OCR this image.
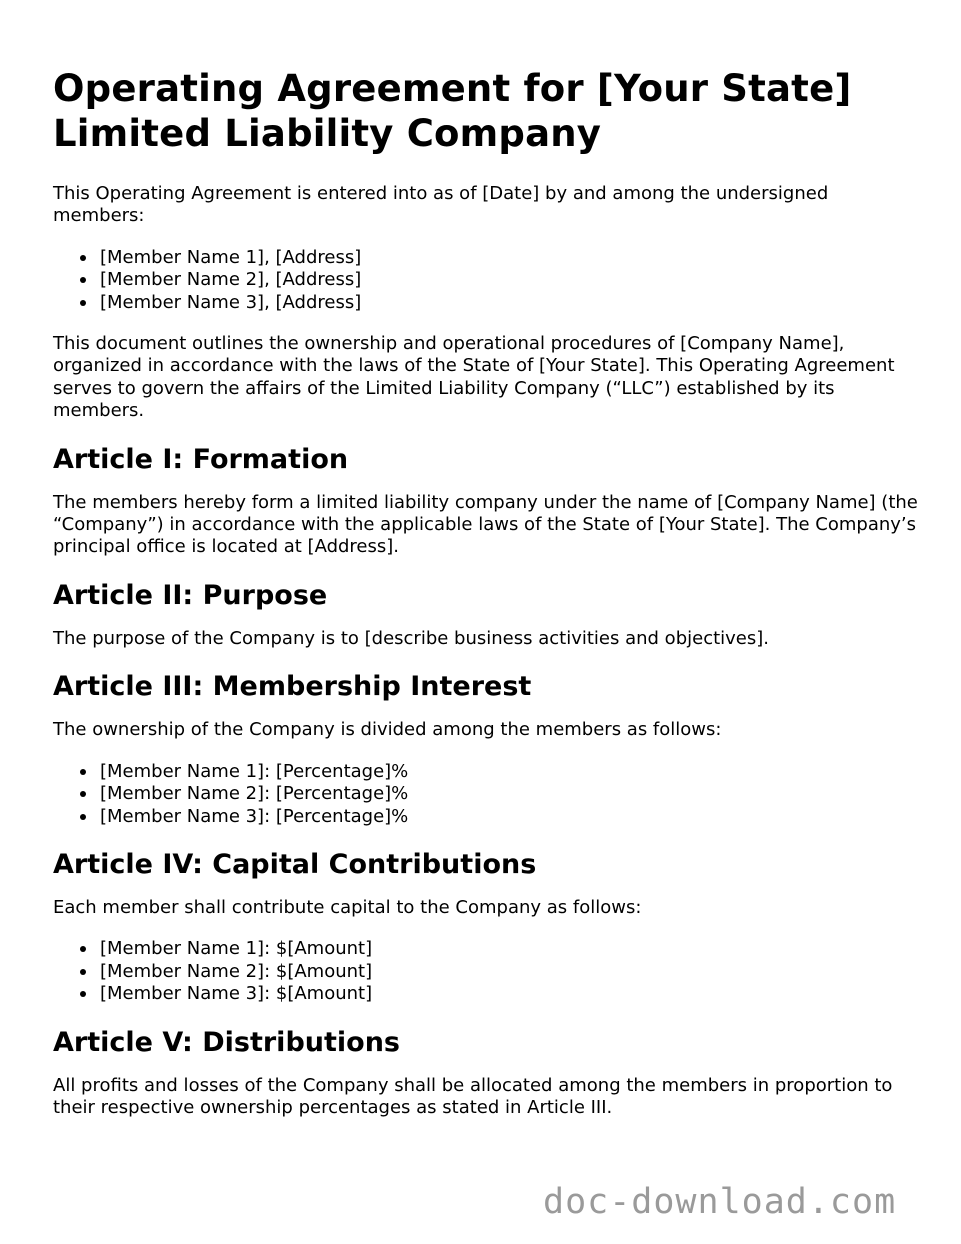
Operating Agreement for [Your State] Limited Liability Company

This Operating Agreement is entered into as of [Date] by and among the undersigned members:

[Member Name 1], [Address]
[Member Name 2], [Address]
[Member Name 3], [Address]

This document outlines the ownership and operational procedures of [Company Name], organized in accordance with the laws of the State of [Your State]. This Operating Agreement serves to govern the affairs of the Limited Liability Company (“LLC”) established by its members.

Article I: Formation

The members hereby form a limited liability company under the name of [Company Name] (the “Company”) in accordance with the applicable laws of the State of [Your State]. The Company’s principal office is located at [Address].

Article II: Purpose

The purpose of the Company is to [describe business activities and objectives].

Article III: Membership Interest

The ownership of the Company is divided among the members as follows:

[Member Name 1]: [Percentage]%
[Member Name 2]: [Percentage]%
[Member Name 3]: [Percentage]%
Article IV: Capital Contributions

Each member shall contribute capital to the Company as follows:

[Member Name 1]: $[Amount]
[Member Name 2]: $[Amount]
[Member Name 3]: $[Amount]
Article V: Distributions

All profits and losses of the Company shall be allocated among the members in proportion to their respective ownership percentages as stated in Article III.

doc-download.com
